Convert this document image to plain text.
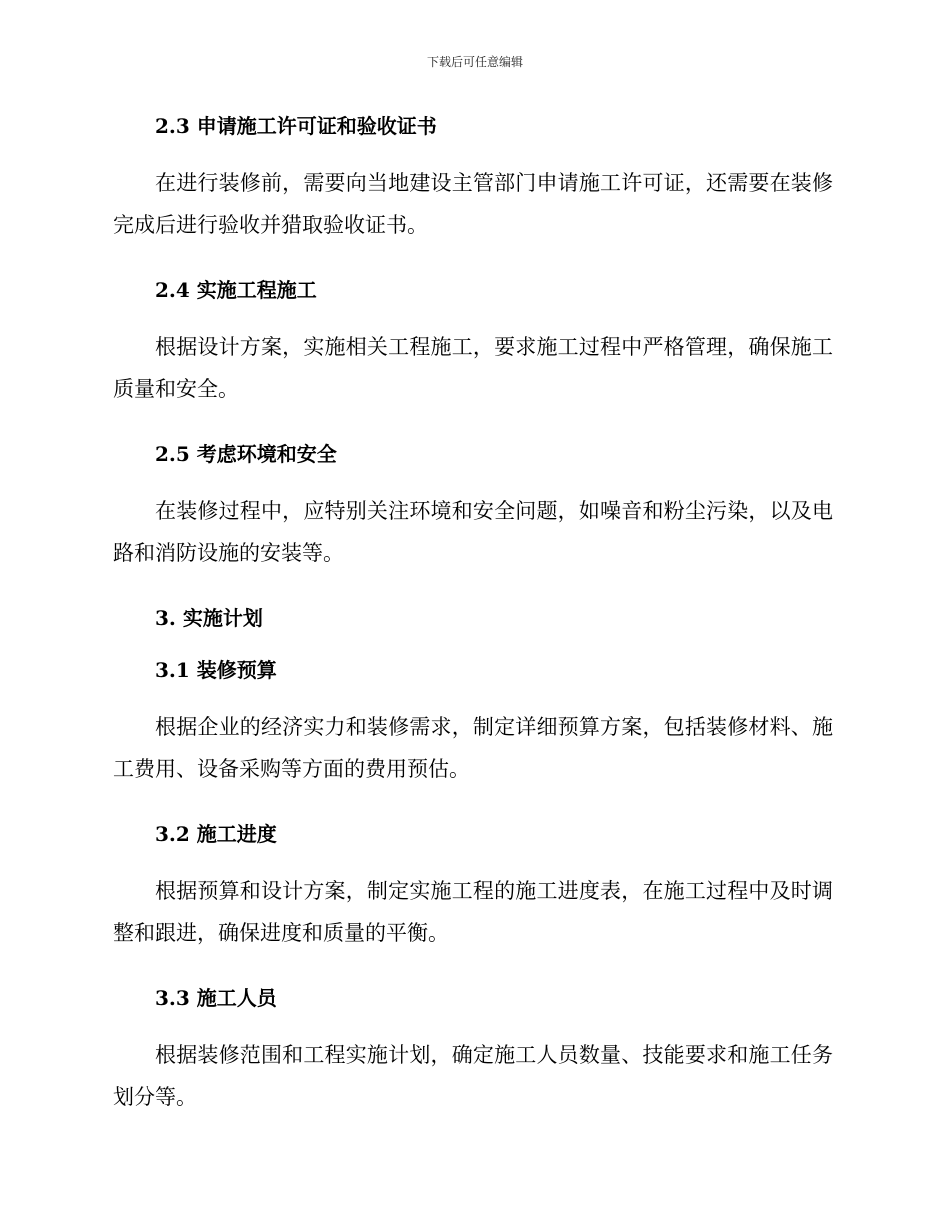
下载后可任意编辑
2.3 申请施工许可证和验收证书

在进行装修前，需要向当地建设主管部门申请施工许可证，还需要在装修完成后进行验收并猎取验收证书。

2.4 实施工程施工

根据设计方案，实施相关工程施工，要求施工过程中严格管理，确保施工质量和安全。

2.5 考虑环境和安全

在装修过程中，应特别关注环境和安全问题，如噪音和粉尘污染，以及电路和消防设施的安装等。

3. 实施计划
3.1 装修预算

根据企业的经济实力和装修需求，制定详细预算方案，包括装修材料、施工费用、设备采购等方面的费用预估。

3.2 施工进度

根据预算和设计方案，制定实施工程的施工进度表，在施工过程中及时调整和跟进，确保进度和质量的平衡。

3.3 施工人员

根据装修范围和工程实施计划，确定施工人员数量、技能要求和施工任务划分等。
